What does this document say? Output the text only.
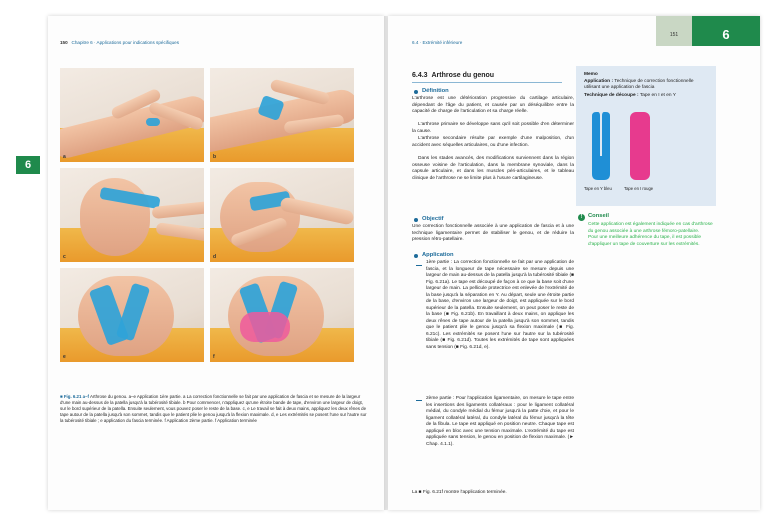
150 Chapitre 6 · Applications pour indications spécifiques
a	b
c	d
e	f
■ Fig. 6.21 a–f Arthrose du genou. a–e Application 1ère partie. a La correction fonctionnelle se fait par une application de fascia et se mesure de la largeur d'une main au-dessus de la patella jusqu'à la tubérosité tibiale. b Pour commencer, n'appliquez qu'une étroite bande de tape, d'environ une largeur de doigt, sur le bord supérieur de la patella. Ensuite seulement, vous pouvez poser le reste de la base. c, e Le travail se fait à deux mains, appliquez les deux rênes de tape autour de la patella jusqu'à son sommet, tandis que le patient plie le genou jusqu'à la flexion maximale. d, e Les extrémités se posent l'une sur l'autre sur la tubérosité tibiale ; e application du fascia terminée. f Application 2ème partie. f Application terminée
6
6.4 · Extrémité inférieure
151	6
6.4.3 Arthrose du genou
Définition
L'arthrose est une détérioration progressive du cartilage articulaire, dépendant de l'âge du patient, et causée par un déséquilibre entre la capacité de charge de l'articulation et sa charge réelle.
L'arthrose primaire se développe sans qu'il soit possible d'en déterminer la cause.
L'arthrose secondaire résulte par exemple d'une malposition, d'un accident avec séquelles articulaires, ou d'une infection.
Dans les stades avancés, des modifications surviennent dans la région osseuse voisine de l'articulation, dans la membrane synoviale, dans la capsule articulaire, et dans les muscles péri-articulaires, et le tableau clinique de l'arthrose ne se limite plus à l'usure cartilagineuse.
Objectif
Une correction fonctionnelle associée à une application de fascia et à une technique ligamentaire permet de stabiliser le genou, et de réduire la pression rétro-patellaire.
Application
1ère partie : La correction fonctionnelle se fait par une application de fascia, et la longueur de tape nécessaire se mesure depuis une largeur de main au-dessus de la patella jusqu'à la tubérosité tibiale (■ Fig. 6.21a). Le tape est découpé de façon à ce que la base soit d'une largeur de main. La pellicule protectrice est enlevée de l'extrémité de la base jusqu'à la séparation en Y. Au départ, seule une étroite partie de la base, d'environ une largeur de doigt, est appliquée sur le bord supérieur de la patella. Ensuite seulement, on peut poser le reste de la base (■ Fig. 6.21b). En travaillant à deux mains, on applique les deux rênes de tape autour de la patella jusqu'à son sommet, tandis que le patient plie le genou jusqu'à sa flexion maximale (■ Fig. 6.21c). Les extrémités se posent l'une sur l'autre sur la tubérosité tibiale (■ Fig. 6.21d). Toutes les extrémités de tape sont appliquées sans tension (■ Fig. 6.21d, e).
2ème partie : Pour l'application ligamentaire, on mesure le tape entre les insertions des ligaments collatéraux : pour le ligament collatéral médial, du condyle médial du fémur jusqu'à la patte d'oie, et pour le ligament collatéral latéral, du condyle latéral du fémur jusqu'à la tête de la fibula. Le tape est appliqué en position neutre. Chaque tape est appliqué en bloc avec une tension maximale. L'extrémité du tape est appliquée sans tension, le genou en position de flexion maximale. (► Chap. 4.1.1).
La ■ Fig. 6.21f montre l'application terminée.
Memo
Application : Technique de correction fonctionnelle utilisant une application de fascia
Technique de découpe : Tape en I et en Y
Tape en Y bleu	Tape en I rouge
! Conseil
Cette application est également indiquée en cas d'arthrose du genou associée à une arthrose fémoro-patellaire.
Pour une meilleure adhérence du tape, il est possible d'appliquer un tape de couverture sur les extrémités.
